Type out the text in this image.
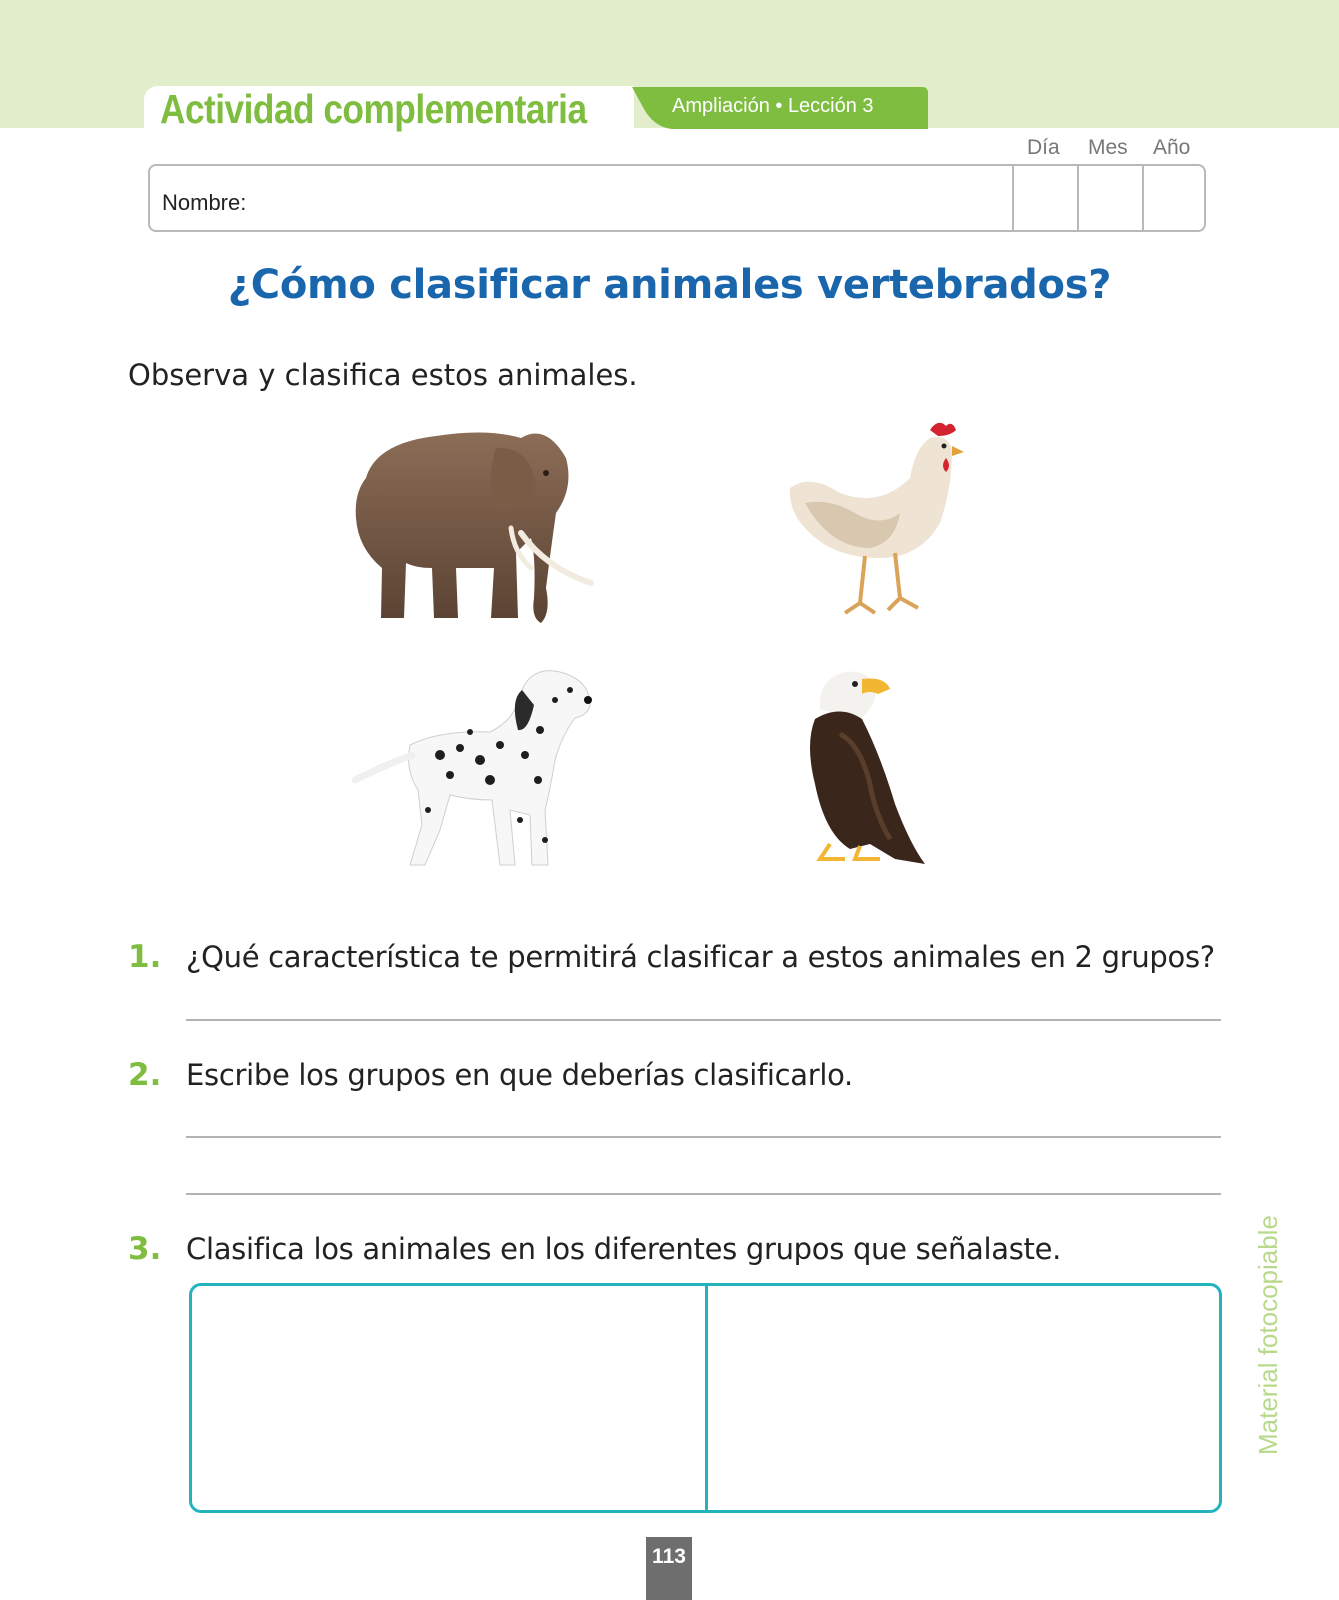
Actividad complementaria	Ampliación • Lección 3
Día Mes Año
Nombre:
¿Cómo clasificar animales vertebrados?
Observa y clasifica estos animales.
1. ¿Qué característica te permitirá clasificar a estos animales en 2 grupos?
2. Escribe los grupos en que deberías clasificarlo.
3. Clasifica los animales en los diferentes grupos que señalaste.	Material fotocopiable
113
